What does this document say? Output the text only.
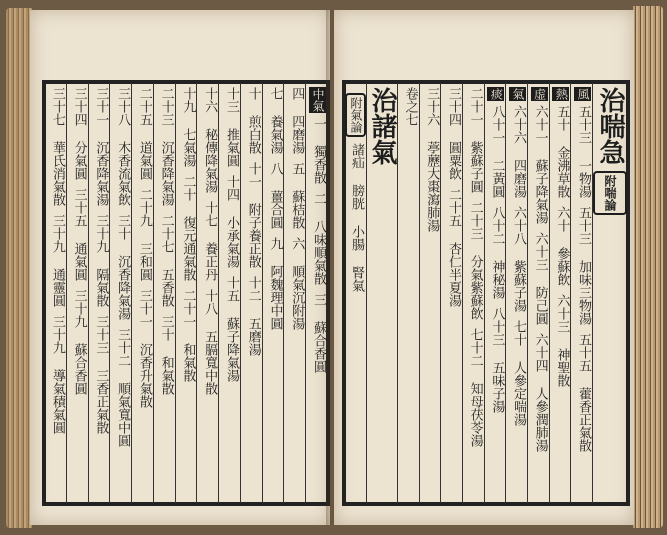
中氣一 獨香散二 八味順氣散三 蘇合香圓
四 四磨湯五 蘇桔散六 順氣沉附湯
七 養氣湯八 薑合圓九 阿魏理中圓
十 煎白散十一 附子養正散十二 五磨湯
十三 推氣圓十四 小承氣湯十五 蘇子降氣湯
十六 秘傳降氣湯十七 養正丹十八 五膈寬中散
十九 七氣湯二十 復元通氣散二十一 和氣散
二十三 沉香降氣湯二十七 五香散三十 和氣散
二十五 道氣圓二十九 三和圓三十一 沉香升氣散
三十八 木香流氣飲三十 沉香降氣湯三十二 順氣寬中圓
三十一 沉香降氣湯三十九 隔氣散三十三 三香正氣散
三十四 分氣圓三十五 通氣圓三十九 蘇合香圓
三十七 華氏消氣散三十九 通靈圓三十九 導氣積氣圓
治喘急附喘論
風五十三 一物湯五十三 加味三物湯五十五 藿香正氣散
熱五十 金沸草散六十 參蘇飲六十三 神聖散
虚六十一 蘇子降氣湯六十三 防己圓六十四 人參潤肺湯
氣六十六 四磨湯六十八 紫蘇子湯七十 人參定喘湯
痰八十一 二黃圓八十二 神秘湯八十三 五味子湯
二十一 紫蘇子圓二十三 分氣紫蘇飲七十二 知母茯苓湯
三十四 圓粟飲二十五 杏仁半夏湯
三十六 葶藶大棗瀉肺湯
卷之七
治諸氣
附氣論諸疝 膀胱 小腸 腎氣
